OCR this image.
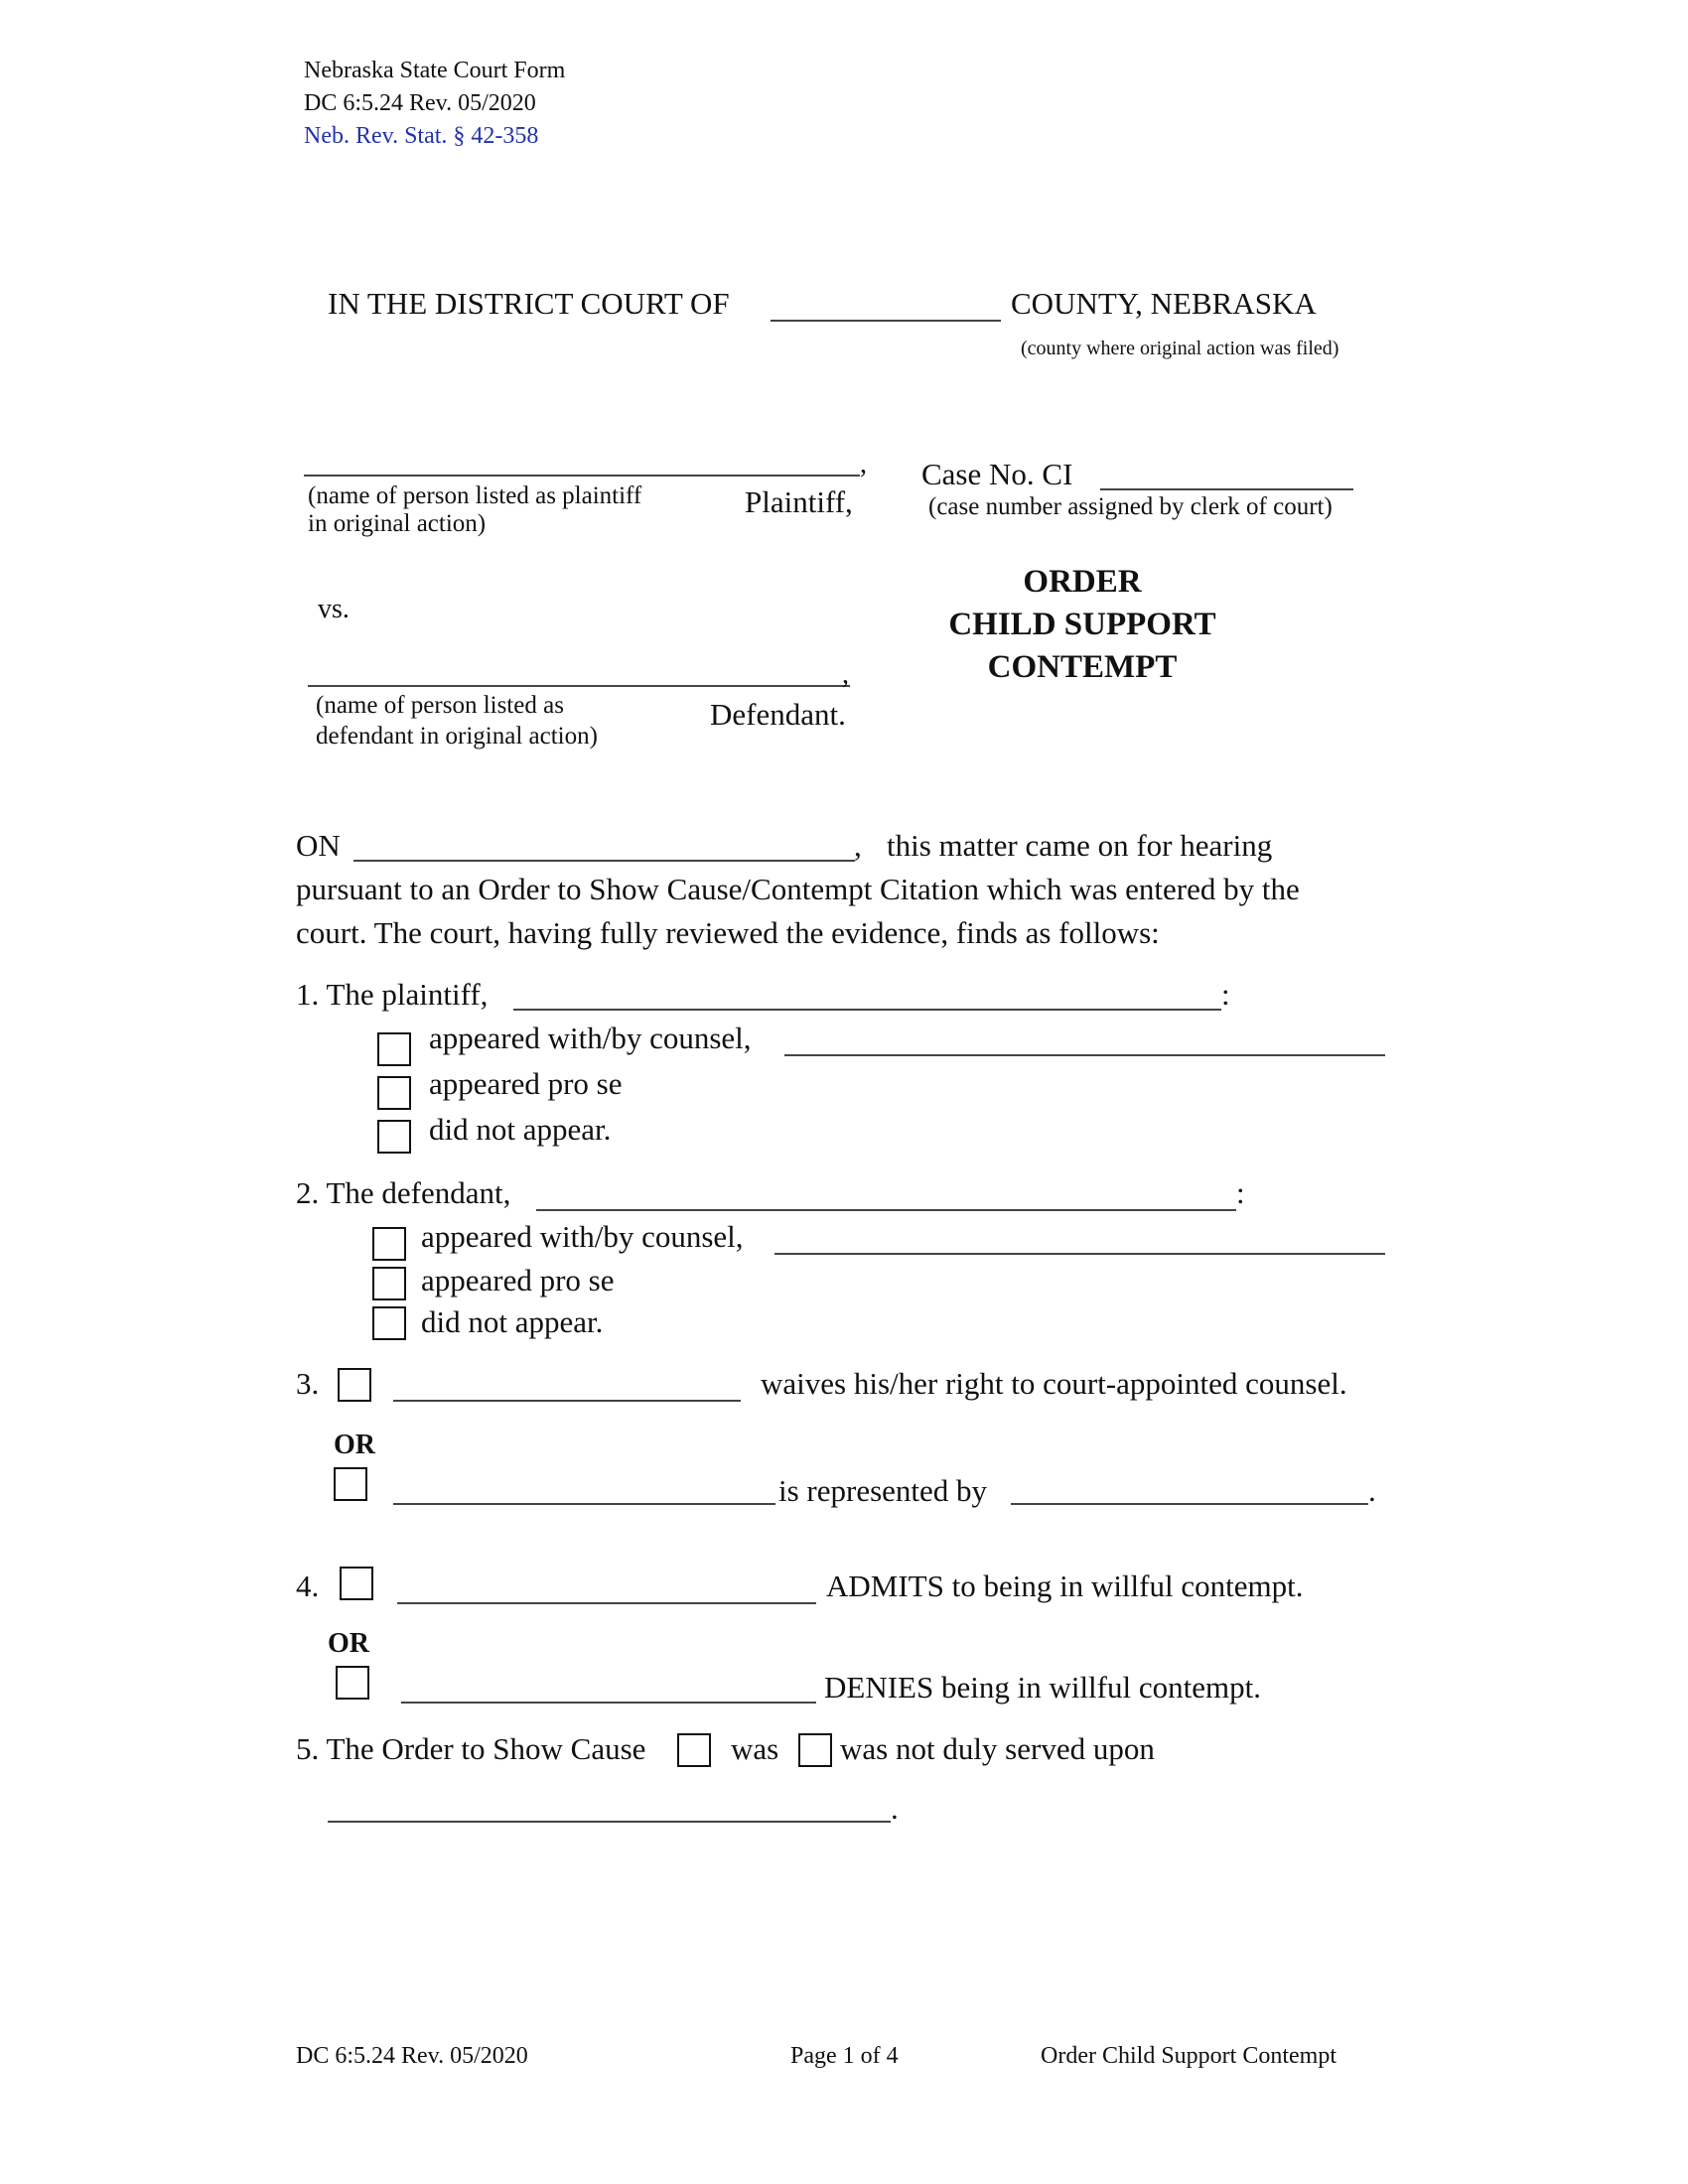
Nebraska State Court Form
DC 6:5.24 Rev. 05/2020
Neb. Rev. Stat. § 42-358
IN THE DISTRICT COURT OF	COUNTY, NEBRASKA
(county where original action was filed)
,
(name of person listed as plaintiff
in original action)
Plaintiff,
vs.
,
(name of person listed as
defendant in original action)
Defendant.
Case No. CI
(case number assigned by clerk of court)
ORDER
CHILD SUPPORT
CONTEMPT
ON	, this matter came on for hearing
pursuant to an Order to Show Cause/Contempt Citation which was entered by the
court. The court, having fully reviewed the evidence, finds as follows:
1. The plaintiff,	:
appeared with/by counsel,
appeared pro se
did not appear.
2. The defendant,	:
appeared with/by counsel,
appeared pro se
did not appear.
3.	waives his/her right to court-appointed counsel.
OR
is represented by	.
4.	ADMITS to being in willful contempt.
OR
DENIES being in willful contempt.
5. The Order to Show Cause	was was not duly served upon
.
DC 6:5.24 Rev. 05/2020	Page 1 of 4	Order Child Support Contempt
